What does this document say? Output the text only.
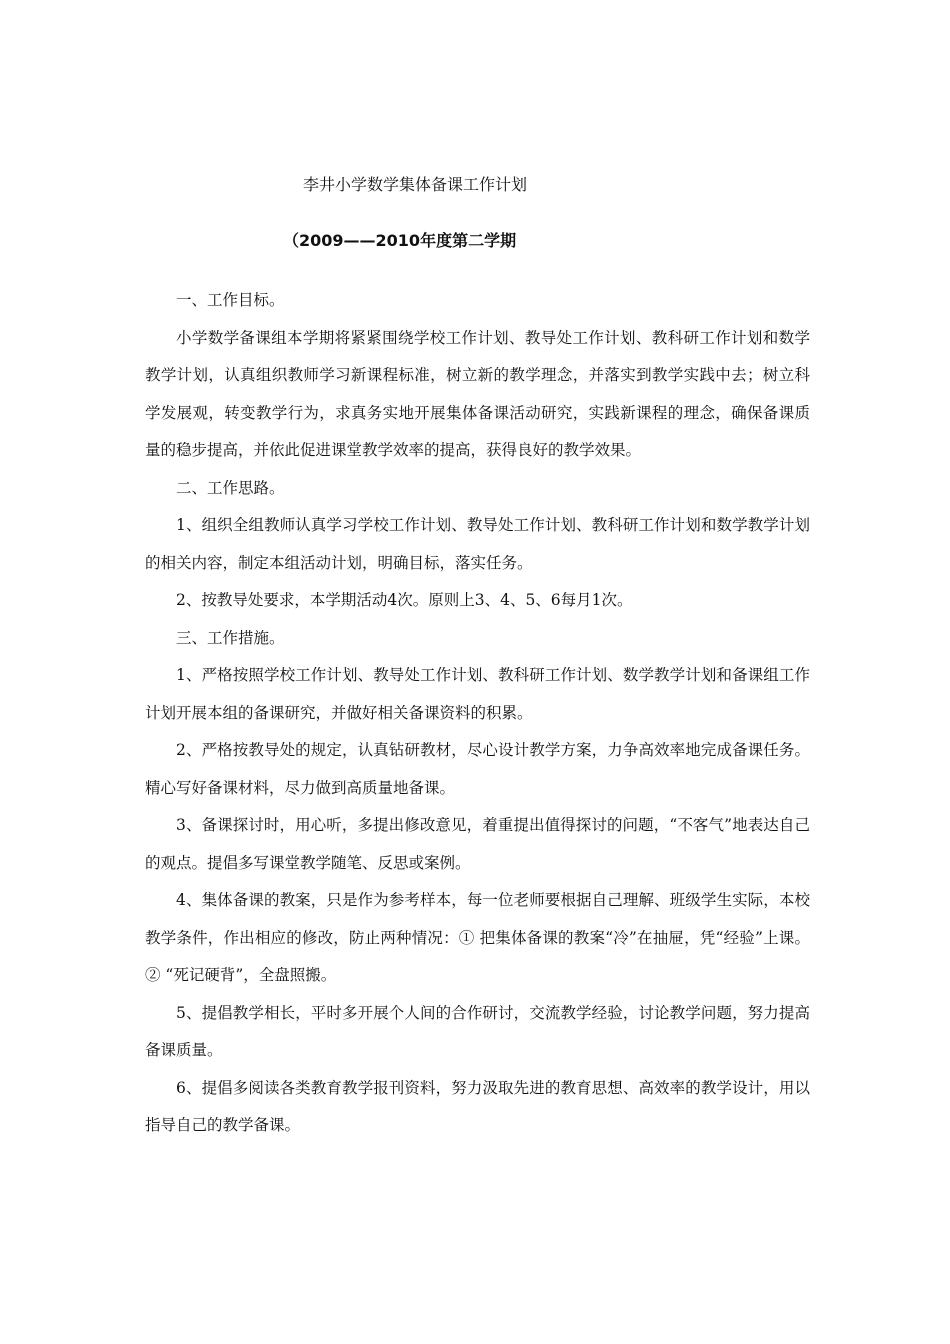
李井小学数学集体备课工作计划
（2009——2010年度第二学期

一、工作目标。

小学数学备课组本学期将紧紧围绕学校工作计划、教导处工作计划、教科研工作计划和数学教学计划，认真组织教师学习新课程标准，树立新的教学理念，并落实到教学实践中去；树立科学发展观，转变教学行为，求真务实地开展集体备课活动研究，实践新课程的理念，确保备课质量的稳步提高，并依此促进课堂教学效率的提高，获得良好的教学效果。

二、工作思路。

1、组织全组教师认真学习学校工作计划、教导处工作计划、教科研工作计划和数学教学计划的相关内容，制定本组活动计划，明确目标，落实任务。

2、按教导处要求，本学期活动4次。原则上3、4、5、6每月1次。

三、工作措施。

1、严格按照学校工作计划、教导处工作计划、教科研工作计划、数学教学计划和备课组工作计划开展本组的备课研究，并做好相关备课资料的积累。

2、严格按教导处的规定，认真钻研教材，尽心设计教学方案，力争高效率地完成备课任务。精心写好备课材料，尽力做到高质量地备课。

3、备课探讨时，用心听，多提出修改意见，着重提出值得探讨的问题，“不客气”地表达自己的观点。提倡多写课堂教学随笔、反思或案例。

4、集体备课的教案，只是作为参考样本，每一位老师要根据自己理解、班级学生实际，本校教学条件，作出相应的修改，防止两种情况：① 把集体备课的教案“冷”在抽屉，凭“经验”上课。② “死记硬背”，全盘照搬。

5、提倡教学相长，平时多开展个人间的合作研讨，交流教学经验，讨论教学问题，努力提高备课质量。

6、提倡多阅读各类教育教学报刊资料，努力汲取先进的教育思想、高效率的教学设计，用以指导自己的教学备课。
